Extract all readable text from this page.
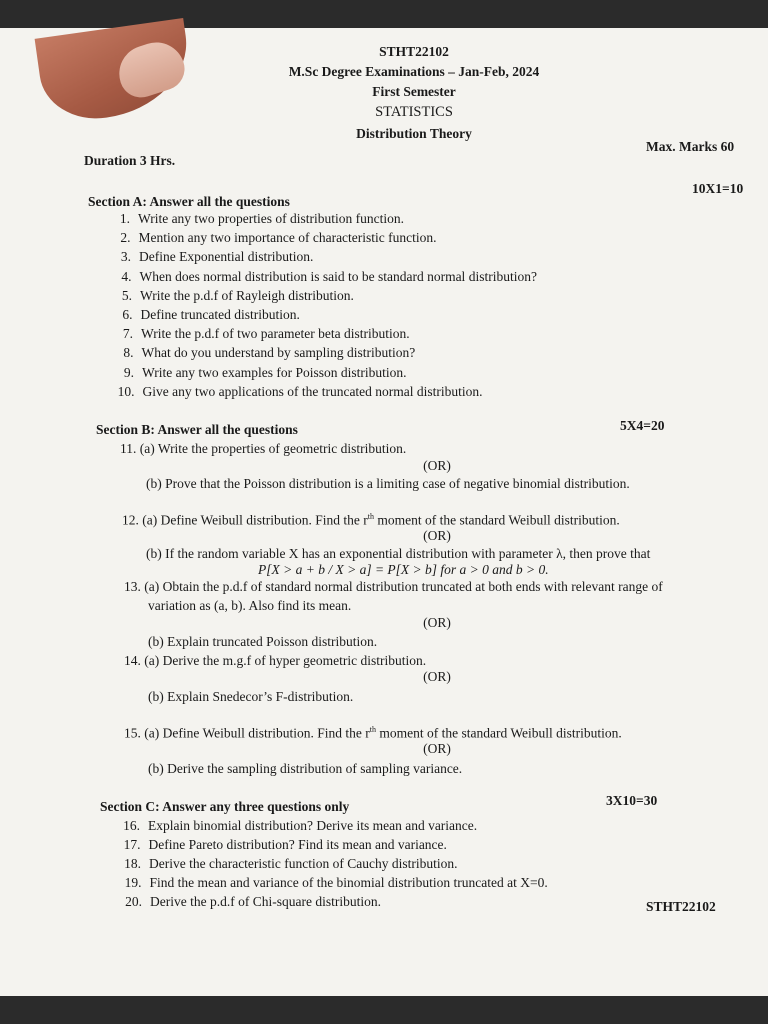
STHT22102
M.Sc Degree Examinations – Jan-Feb, 2024
First Semester
STATISTICS
Distribution Theory
Duration 3 Hrs.
Max. Marks 60
Section A: Answer all the questions
10X1=10
1. Write any two properties of distribution function.
2. Mention any two importance of characteristic function.
3. Define Exponential distribution.
4. When does normal distribution is said to be standard normal distribution?
5. Write the p.d.f of Rayleigh distribution.
6. Define truncated distribution.
7. Write the p.d.f of two parameter beta distribution.
8. What do you understand by sampling distribution?
9. Write any two examples for Poisson distribution.
10. Give any two applications of the truncated normal distribution.
Section B: Answer all the questions	5X4=20
11. (a) Write the properties of geometric distribution.
(OR)
(b) Prove that the Poisson distribution is a limiting case of negative binomial distribution.
12. (a) Define Weibull distribution. Find the $r^{th}$ moment of the standard Weibull distribution.
(OR)
(b) If the random variable X has an exponential distribution with parameter λ, then prove that
P[X > a + b / X > a] = P[X > b] for a > 0 and b > 0.
13. (a) Obtain the p.d.f of standard normal distribution truncated at both ends with relevant range of
variation as (a, b). Also find its mean.
(OR)
(b) Explain truncated Poisson distribution.
14. (a) Derive the m.g.f of hyper geometric distribution.
(OR)
(b) Explain Snedecor’s F-distribution.
15. (a) Define Weibull distribution. Find the $r^{th}$ moment of the standard Weibull distribution.
(OR)
(b) Derive the sampling distribution of sampling variance.
Section C: Answer any three questions only	3X10=30
16. Explain binomial distribution? Derive its mean and variance.
17. Define Pareto distribution? Find its mean and variance.
18. Derive the characteristic function of Cauchy distribution.
19. Find the mean and variance of the binomial distribution truncated at X=0.
20. Derive the p.d.f of Chi-square distribution.	STHT22102
